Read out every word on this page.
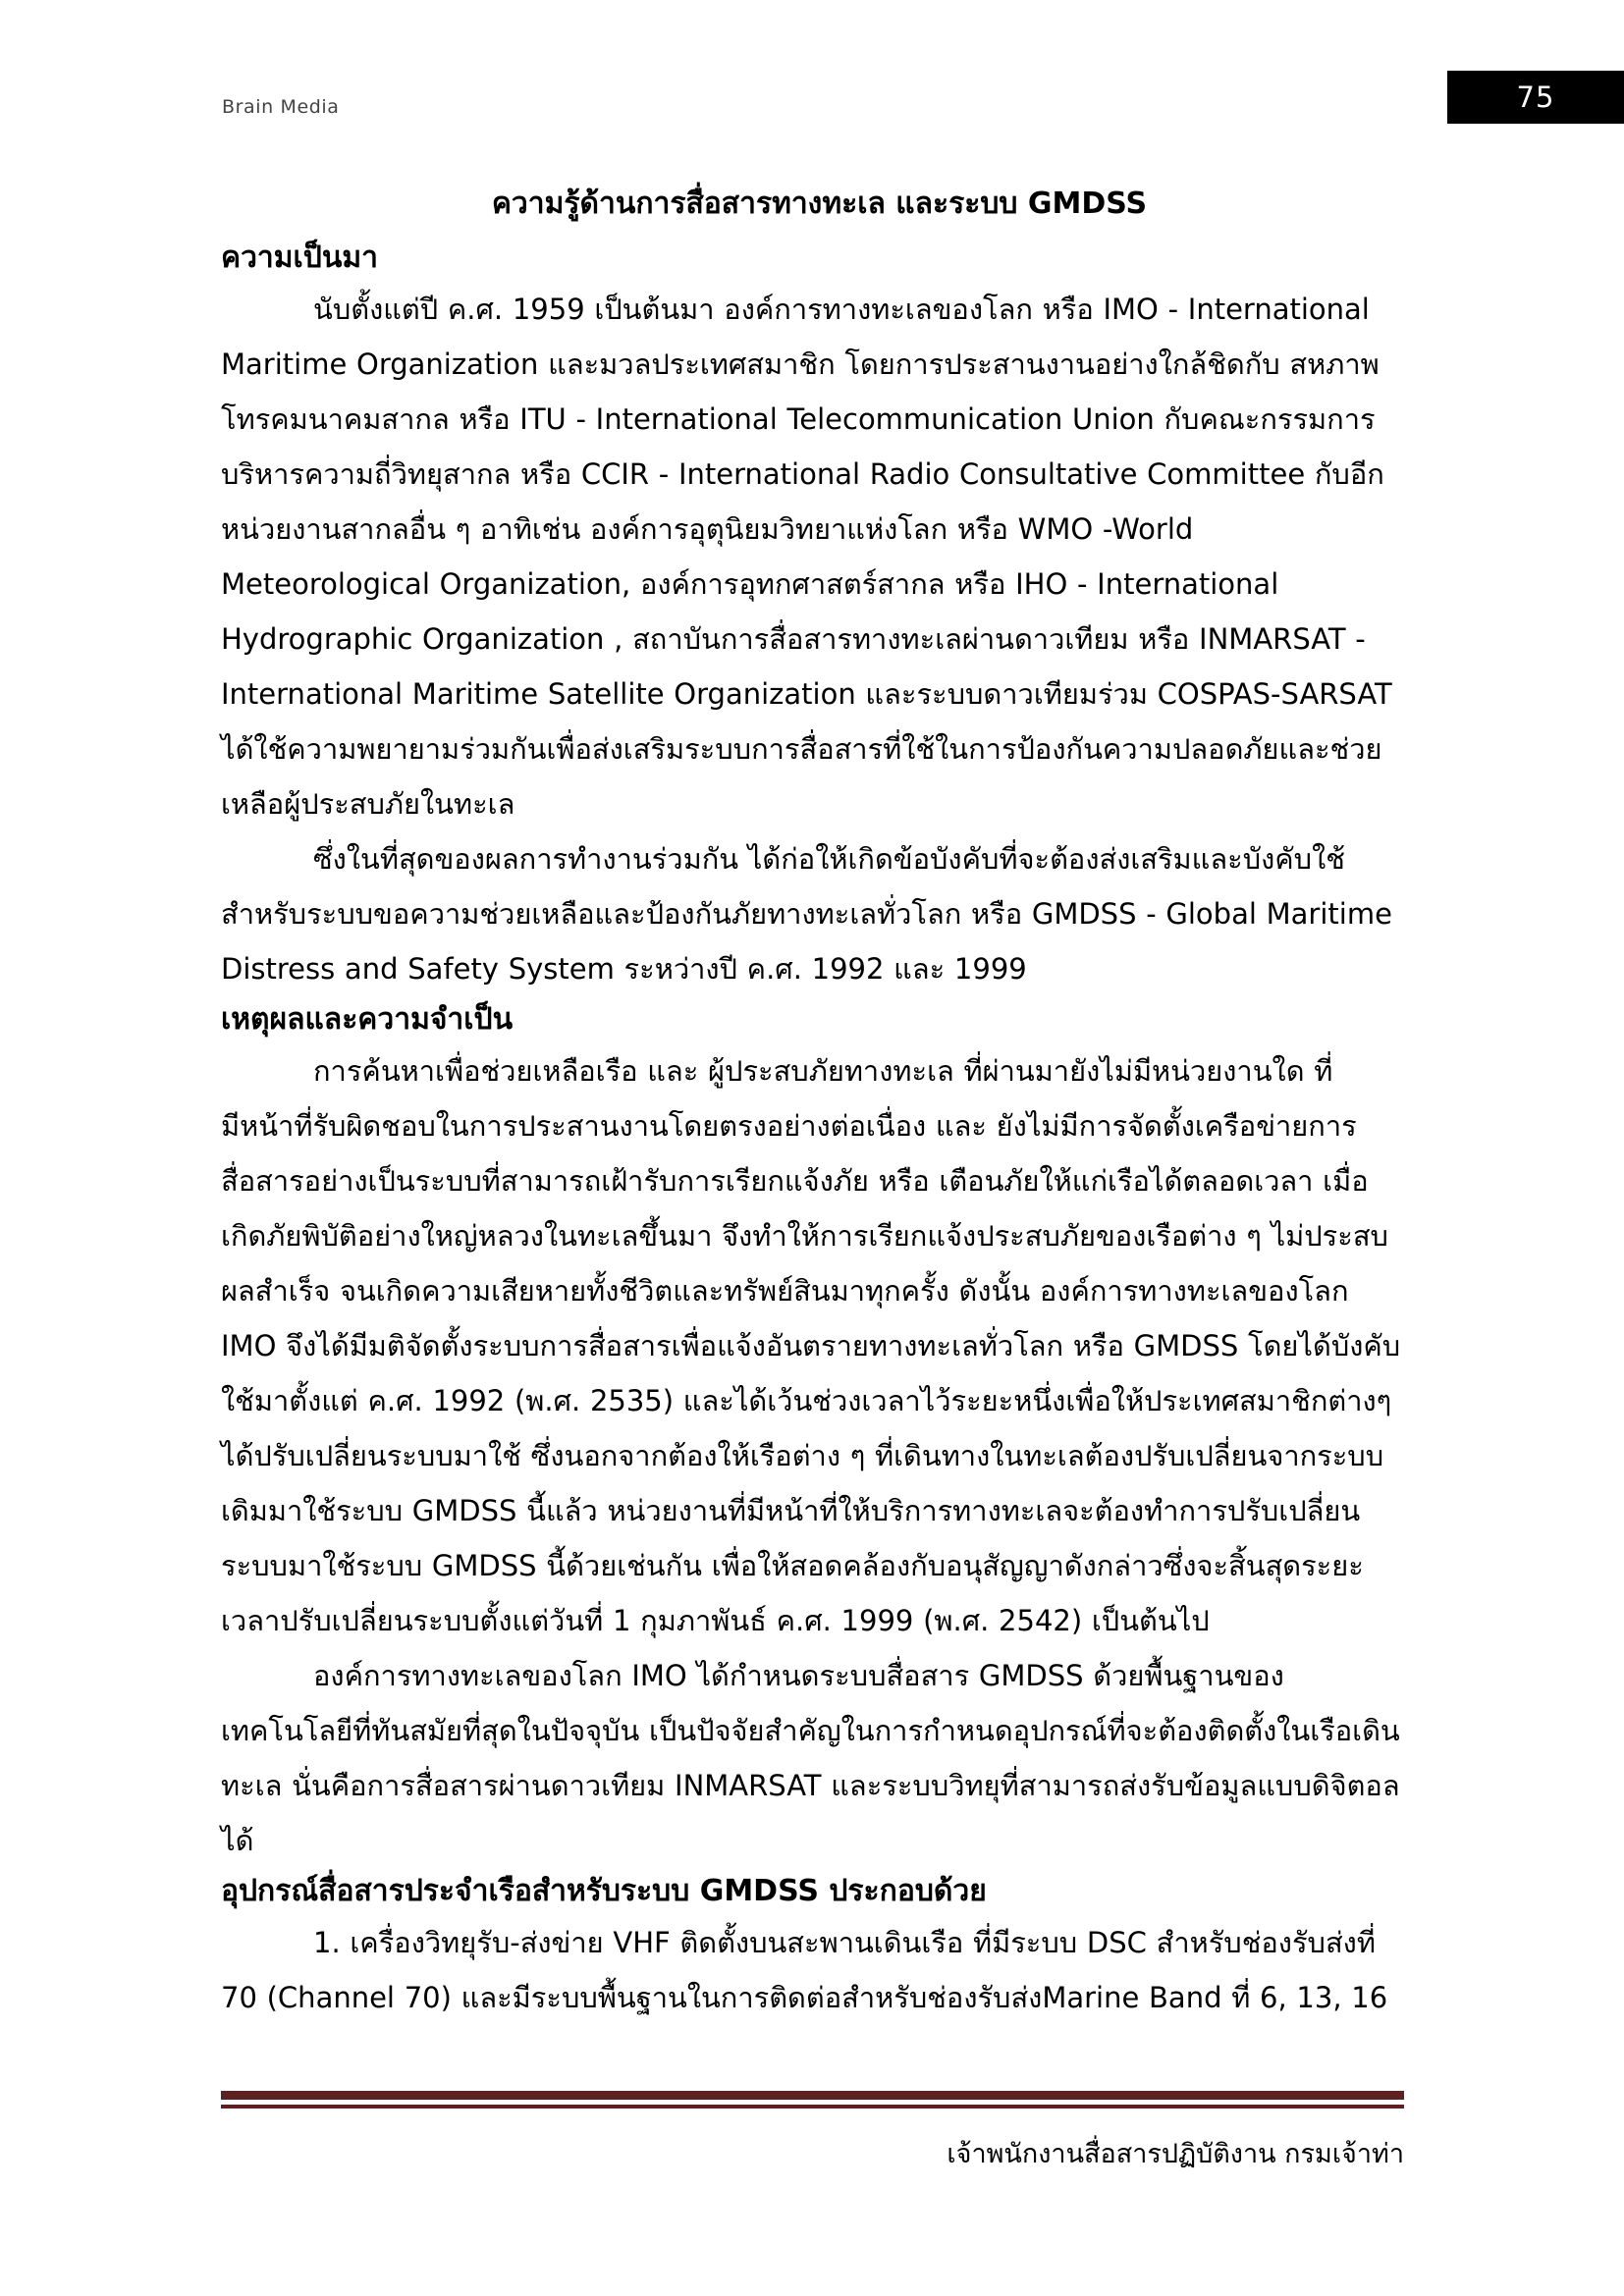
Brain Media	75
ความรู้ด้านการสื่อสารทางทะเล และระบบ GMDSS
ความเป็นมา

นับตั้งแต่ปี ค.ศ. 1959 เป็นต้นมา องค์การทางทะเลของโลก หรือ IMO - International Maritime Organization และมวลประเทศสมาชิก โดยการประสานงานอย่างใกล้ชิดกับ สหภาพโทรคมนาคมสากล หรือ ITU - International Telecommunication Union กับคณะกรรมการบริหารความถี่วิทยุสากล หรือ CCIR - International Radio Consultative Committee กับอีกหน่วยงานสากลอื่น ๆ อาทิเช่น องค์การอุตุนิยมวิทยาแห่งโลก หรือ WMO -World Meteorological Organization, องค์การอุทกศาสตร์สากล หรือ IHO - International Hydrographic Organization , สถาบันการสื่อสารทางทะเลผ่านดาวเทียม หรือ INMARSAT - International Maritime Satellite Organization และระบบดาวเทียมร่วม COSPAS-SARSAT ได้ใช้ความพยายามร่วมกันเพื่อส่งเสริมระบบการสื่อสารที่ใช้ในการป้องกันความปลอดภัยและช่วยเหลือผู้ประสบภัยในทะเล

ซึ่งในที่สุดของผลการทำงานร่วมกัน ได้ก่อให้เกิดข้อบังคับที่จะต้องส่งเสริมและบังคับใช้สำหรับระบบขอความช่วยเหลือและป้องกันภัยทางทะเลทั่วโลก หรือ GMDSS - Global Maritime Distress and Safety System ระหว่างปี ค.ศ. 1992 และ 1999

เหตุผลและความจำเป็น

การค้นหาเพื่อช่วยเหลือเรือ และ ผู้ประสบภัยทางทะเล ที่ผ่านมายังไม่มีหน่วยงานใด ที่มีหน้าที่รับผิดชอบในการประสานงานโดยตรงอย่างต่อเนื่อง และ ยังไม่มีการจัดตั้งเครือข่ายการสื่อสารอย่างเป็นระบบที่สามารถเฝ้ารับการเรียกแจ้งภัย หรือ เตือนภัยให้แก่เรือได้ตลอดเวลา เมื่อเกิดภัยพิบัติอย่างใหญ่หลวงในทะเลขึ้นมา จึงทำให้การเรียกแจ้งประสบภัยของเรือต่าง ๆ ไม่ประสบผลสำเร็จ จนเกิดความเสียหายทั้งชีวิตและทรัพย์สินมาทุกครั้ง ดังนั้น องค์การทางทะเลของโลก IMO จึงได้มีมติจัดตั้งระบบการสื่อสารเพื่อแจ้งอันตรายทางทะเลทั่วโลก หรือ GMDSS โดยได้บังคับใช้มาตั้งแต่ ค.ศ. 1992 (พ.ศ. 2535) และได้เว้นช่วงเวลาไว้ระยะหนึ่งเพื่อให้ประเทศสมาชิกต่างๆ ได้ปรับเปลี่ยนระบบมาใช้ ซึ่งนอกจากต้องให้เรือต่าง ๆ ที่เดินทางในทะเลต้องปรับเปลี่ยนจากระบบเดิมมาใช้ระบบ GMDSS นี้แล้ว หน่วยงานที่มีหน้าที่ให้บริการทางทะเลจะต้องทำการปรับเปลี่ยนระบบมาใช้ระบบ GMDSS นี้ด้วยเช่นกัน เพื่อให้สอดคล้องกับอนุสัญญาดังกล่าวซึ่งจะสิ้นสุดระยะเวลาปรับเปลี่ยนระบบตั้งแต่วันที่ 1 กุมภาพันธ์ ค.ศ. 1999 (พ.ศ. 2542) เป็นต้นไป

องค์การทางทะเลของโลก IMO ได้กำหนดระบบสื่อสาร GMDSS ด้วยพื้นฐานของเทคโนโลยีที่ทันสมัยที่สุดในปัจจุบัน เป็นปัจจัยสำคัญในการกำหนดอุปกรณ์ที่จะต้องติดตั้งในเรือเดินทะเล นั่นคือการสื่อสารผ่านดาวเทียม INMARSAT และระบบวิทยุที่สามารถส่งรับข้อมูลแบบดิจิตอลได้

อุปกรณ์สื่อสารประจำเรือสำหรับระบบ GMDSS ประกอบด้วย

1. เครื่องวิทยุรับ-ส่งข่าย VHF ติดตั้งบนสะพานเดินเรือ ที่มีระบบ DSC สำหรับช่องรับส่งที่ 70 (Channel 70) และมีระบบพื้นฐานในการติดต่อสำหรับช่องรับส่งMarine Band ที่ 6, 13, 16

เจ้าพนักงานสื่อสารปฏิบัติงาน กรมเจ้าท่า
